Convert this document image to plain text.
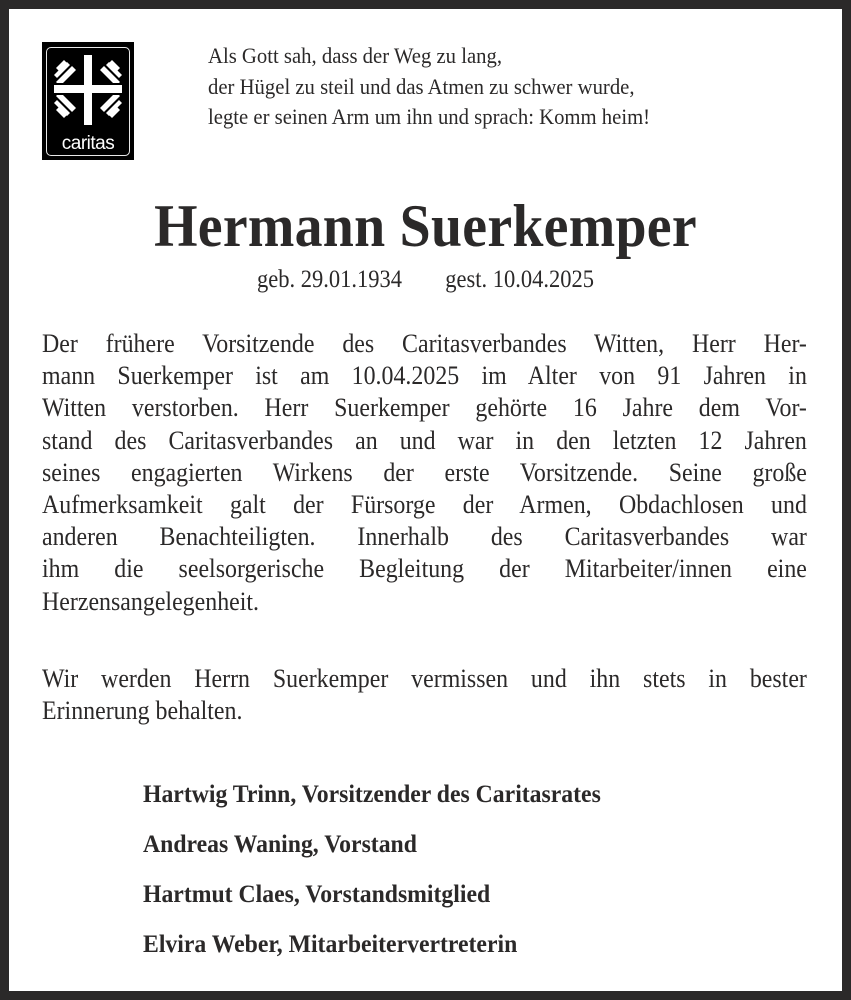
caritas
Als Gott sah, dass der Weg zu lang,
der Hügel zu steil und das Atmen zu schwer wurde,
legte er seinen Arm um ihn und sprach: Komm heim!
Hermann Suerkemper
geb. 29.01.1934 gest. 10.04.2025
Der frühere Vorsitzende des Caritasverbandes Witten, Herr Her-
mann Suerkemper ist am 10.04.2025 im Alter von 91 Jahren in
Witten verstorben. Herr Suerkemper gehörte 16 Jahre dem Vor-
stand des Caritasverbandes an und war in den letzten 12 Jahren
seines engagierten Wirkens der erste Vorsitzende. Seine große
Aufmerksamkeit galt der Fürsorge der Armen, Obdachlosen und
anderen Benachteiligten. Innerhalb des Caritasverbandes war
ihm die seelsorgerische Begleitung der Mitarbeiter/innen eine
Herzensangelegenheit.
Wir werden Herrn Suerkemper vermissen und ihn stets in bester
Erinnerung behalten.
Hartwig Trinn, Vorsitzender des Caritasrates
Andreas Waning, Vorstand
Hartmut Claes, Vorstandsmitglied
Elvira Weber, Mitarbeitervertreterin
